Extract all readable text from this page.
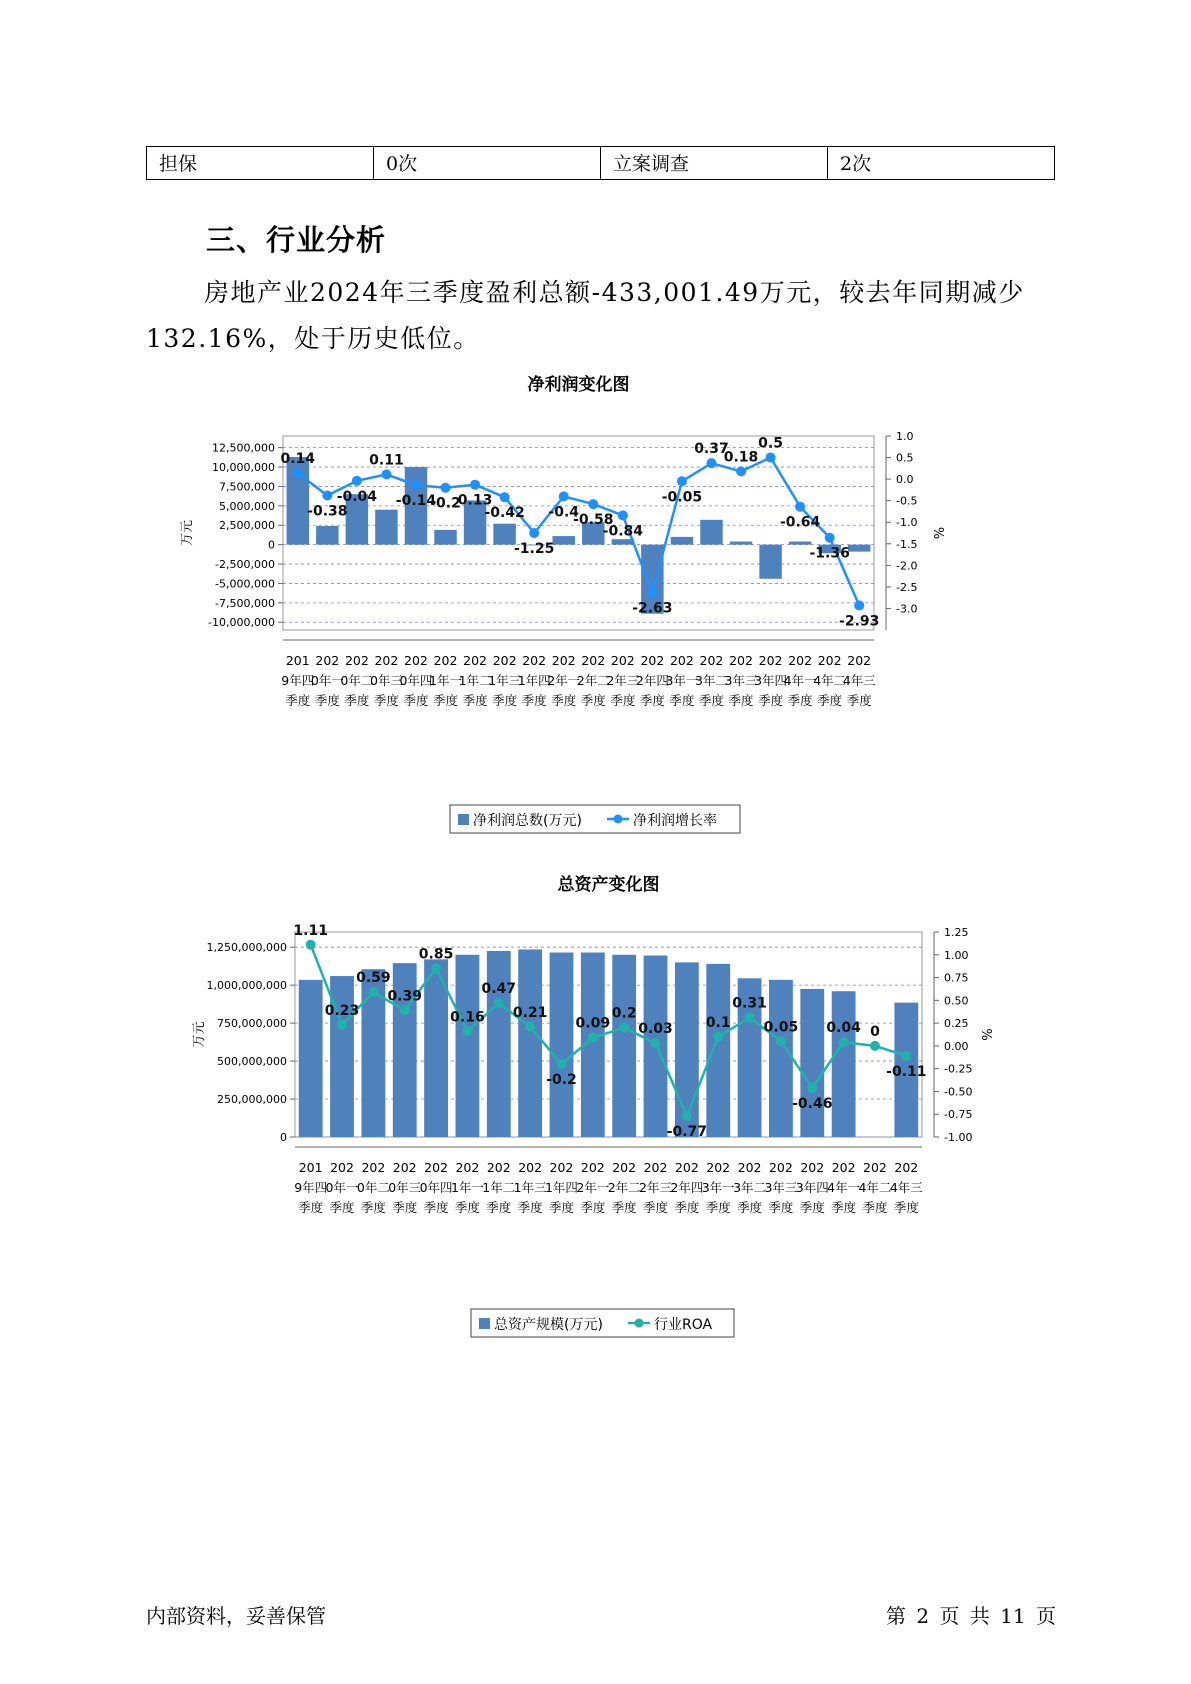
担保	0次	立案调查	2次
三、行业分析

房地产业2024年三季度盈利总额-433,001.49万元，较去年同期减少132.16%，处于历史低位。

净利润变化图
12,500,000
10,000,000
7,500,000
5,000,000
2,500,000
0
-2,500,000
-5,000,000
-7,500,000
-10,000,000
1.0
0.5
0.0
-0.5
-1.0
-1.5
-2.0
-2.5
-3.0
万元	%
0.14
-0.38
-0.04
0.11
-0.14
-0.2
0.13
-0.42
-1.25
-0.4
-0.58
-0.84
-2.63
-0.05
0.37
0.18
0.5
-0.64
-1.36
-2.93
201 9年四季度
202 0年一季度
202 0年二季度
202 0年三季度
202 0年四季度
202 1年一季度
202 1年二季度
202 1年三季度
202 1年四季度
202 2年一季度
202 2年二季度
202 2年三季度
202 2年四季度
202 3年一季度
202 3年二季度
202 3年三季度
202 3年四季度
202 4年一季度
202 4年二季度
202 4年三季度
净利润总数(万元)	净利润增长率
总资产变化图
1,250,000,000
1,000,000,000
750,000,000
500,000,000
250,000,000
0
1.25
1.00
0.75
0.50
0.25
0.00
-0.25
-0.50
-0.75
-1.00
万元	%
1.11
0.23
0.59
0.39
0.85
0.16
0.47
0.21
-0.2
0.09
0.2
0.03
-0.77
0.1
0.31
0.05
-0.46
0.04 0
-0.11
201 9年四季度
202 0年一季度
202 0年二季度
202 0年三季度
202 0年四季度
202 1年一季度
202 1年二季度
202 1年三季度
202 1年四季度
202 2年一季度
202 2年二季度
202 2年三季度
202 2年四季度
202 3年一季度
202 3年二季度
202 3年三季度
202 3年四季度
202 4年一季度
202 4年二季度
202 4年三季度
总资产规模(万元)	行业ROA
内部资料，妥善保管	第 2 页 共 11 页
